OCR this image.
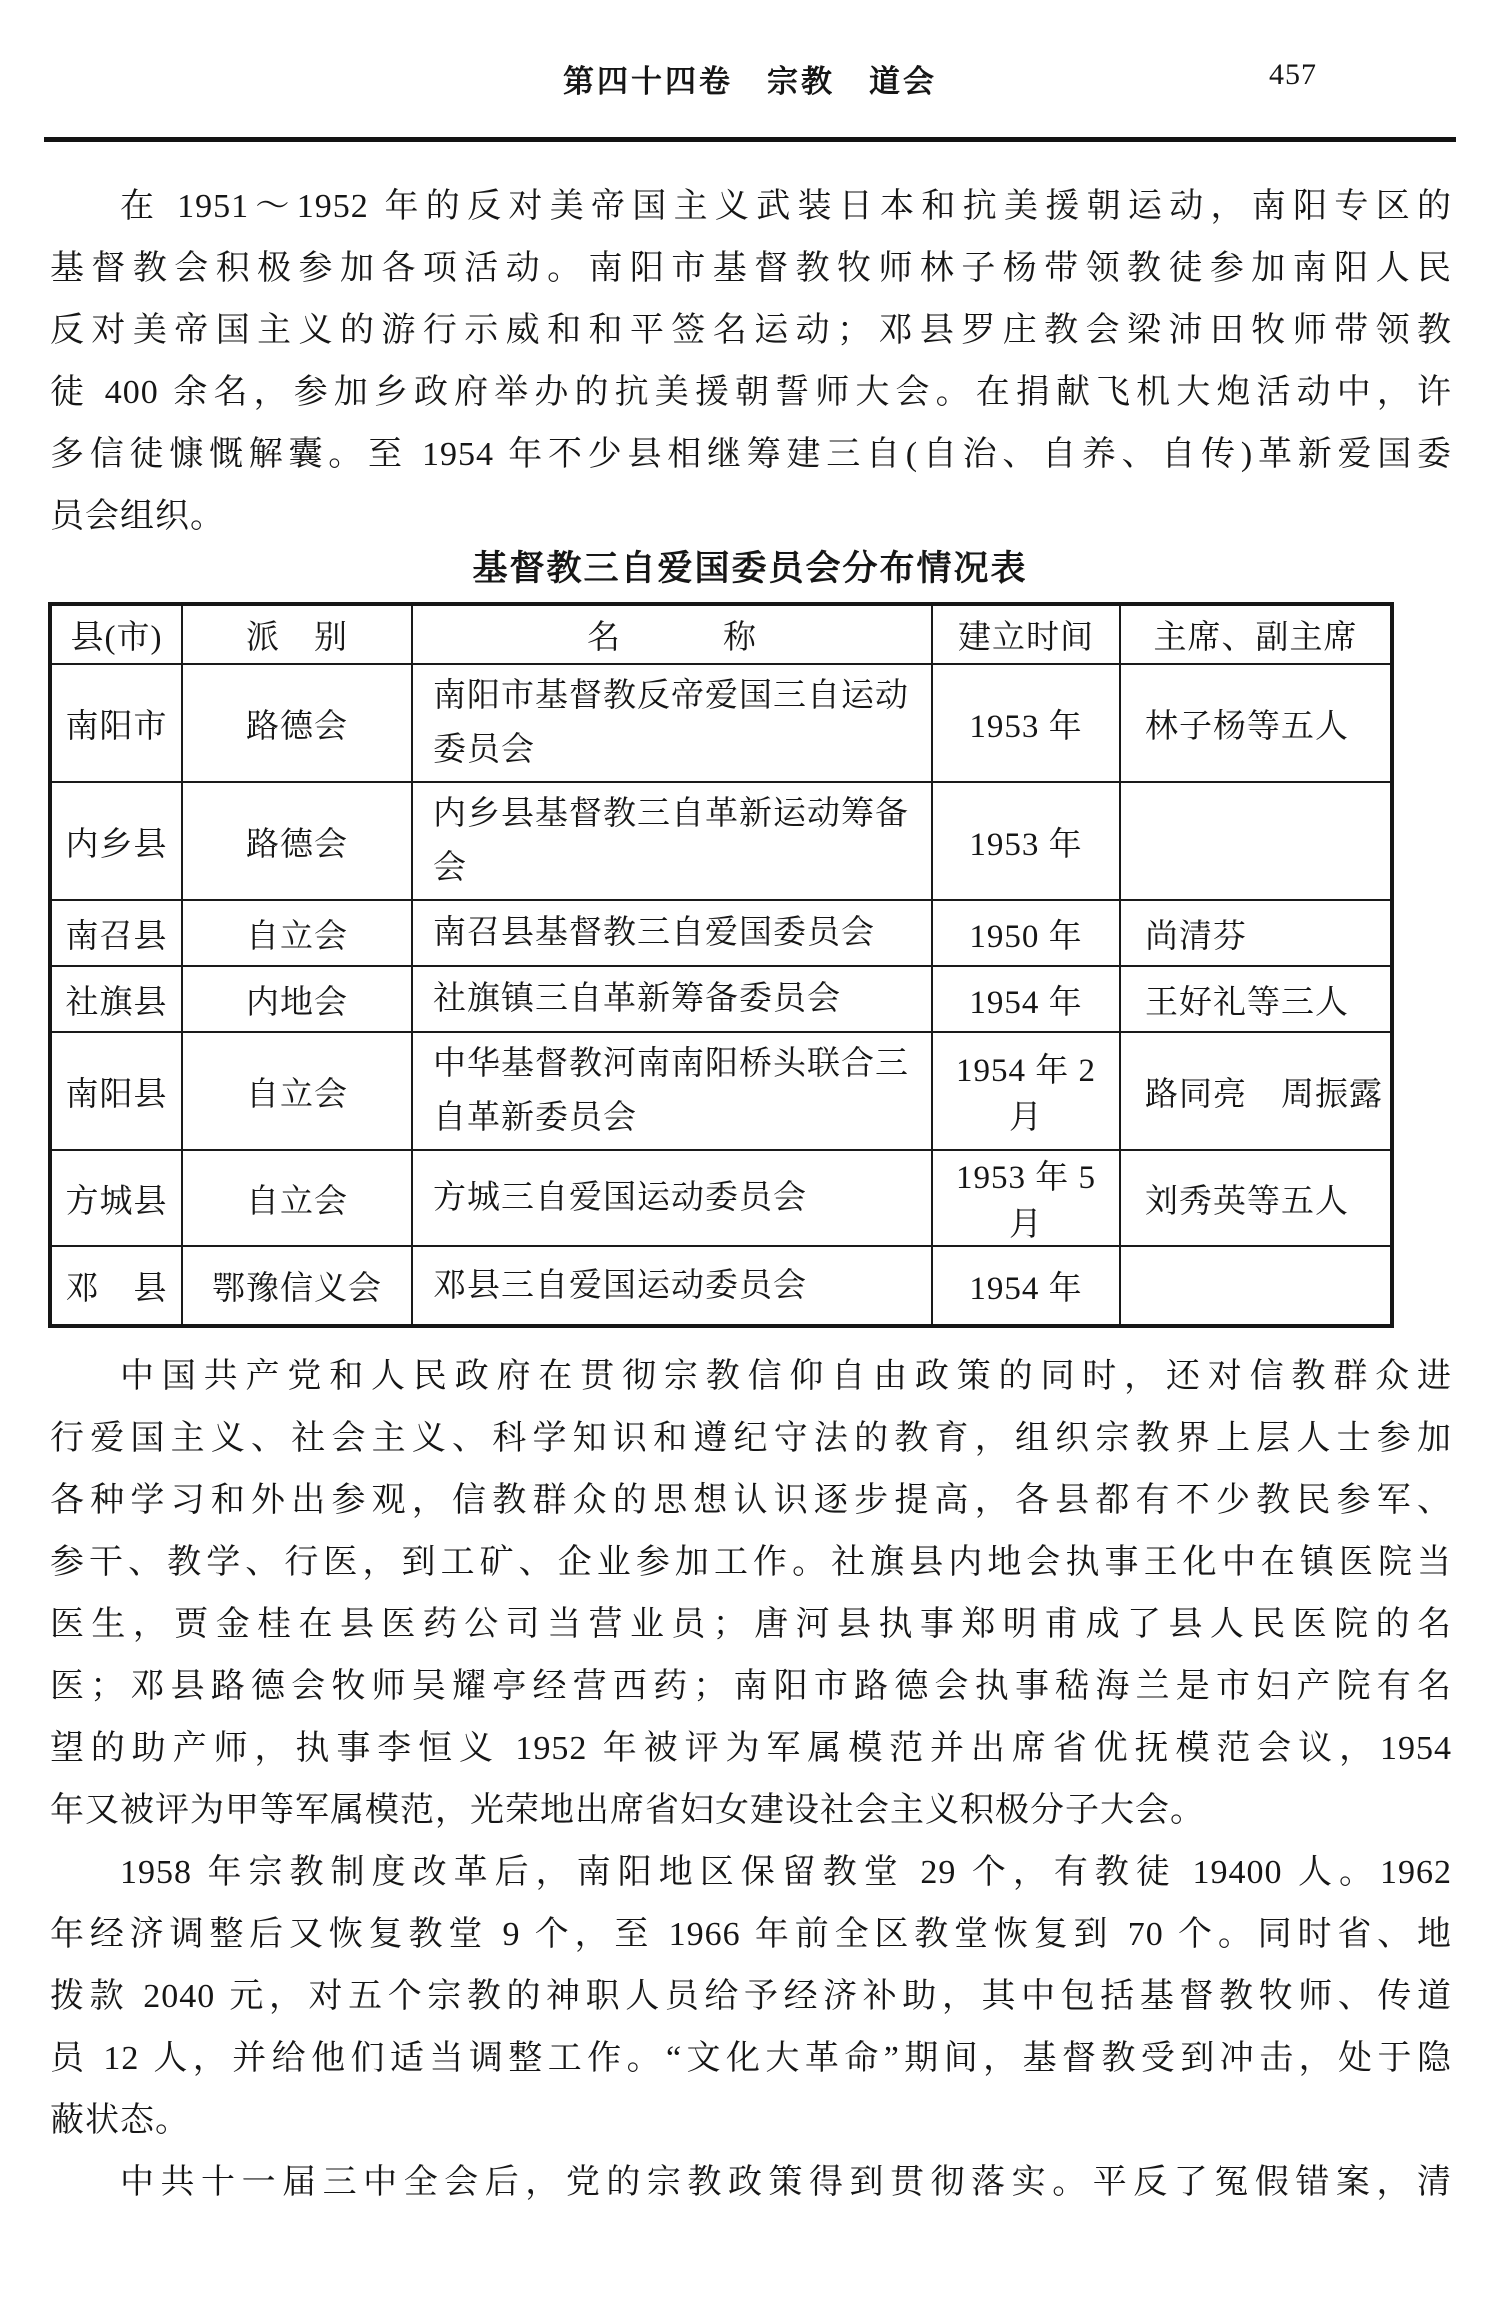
第四十四卷　宗教　道会	457
在 1951～1952 年的反对美帝国主义武装日本和抗美援朝运动，南阳专区的
基督教会积极参加各项活动。南阳市基督教牧师林子杨带领教徒参加南阳人民
反对美帝国主义的游行示威和和平签名运动；邓县罗庄教会梁沛田牧师带领教
徒 400 余名，参加乡政府举办的抗美援朝誓师大会。在捐献飞机大炮活动中，许
多信徒慷慨解囊。至 1954 年不少县相继筹建三自(自治、自养、自传)革新爱国委
员会组织。
基督教三自爱国委员会分布情况表
县(市)	派　别	名　　　称	建立时间	主席、副主席
南阳市	路德会	南阳市基督教反帝爱国三自运动委员会	1953 年	林子杨等五人
内乡县	路德会	内乡县基督教三自革新运动筹备会	1953 年	
南召县	自立会	南召县基督教三自爱国委员会	1950 年	尚清芬
社旗县	内地会	社旗镇三自革新筹备委员会	1954 年	王好礼等三人
南阳县	自立会	中华基督教河南南阳桥头联合三自革新委员会	1954 年 2 月	路同亮　周振露
方城县	自立会	方城三自爱国运动委员会	1953 年 5 月	刘秀英等五人
邓　县	鄂豫信义会	邓县三自爱国运动委员会	1954 年	
中国共产党和人民政府在贯彻宗教信仰自由政策的同时，还对信教群众进
行爱国主义、社会主义、科学知识和遵纪守法的教育，组织宗教界上层人士参加
各种学习和外出参观，信教群众的思想认识逐步提高，各县都有不少教民参军、
参干、教学、行医，到工矿、企业参加工作。社旗县内地会执事王化中在镇医院当
医生，贾金桂在县医药公司当营业员；唐河县执事郑明甫成了县人民医院的名
医；邓县路德会牧师吴耀亭经营西药；南阳市路德会执事嵇海兰是市妇产院有名
望的助产师，执事李恒义 1952 年被评为军属模范并出席省优抚模范会议，1954
年又被评为甲等军属模范，光荣地出席省妇女建设社会主义积极分子大会。
1958 年宗教制度改革后，南阳地区保留教堂 29 个，有教徒 19400 人。1962
年经济调整后又恢复教堂 9 个，至 1966 年前全区教堂恢复到 70 个。同时省、地
拨款 2040 元，对五个宗教的神职人员给予经济补助，其中包括基督教牧师、传道
员 12 人，并给他们适当调整工作。“文化大革命”期间，基督教受到冲击，处于隐
蔽状态。
中共十一届三中全会后，党的宗教政策得到贯彻落实。平反了冤假错案，清
